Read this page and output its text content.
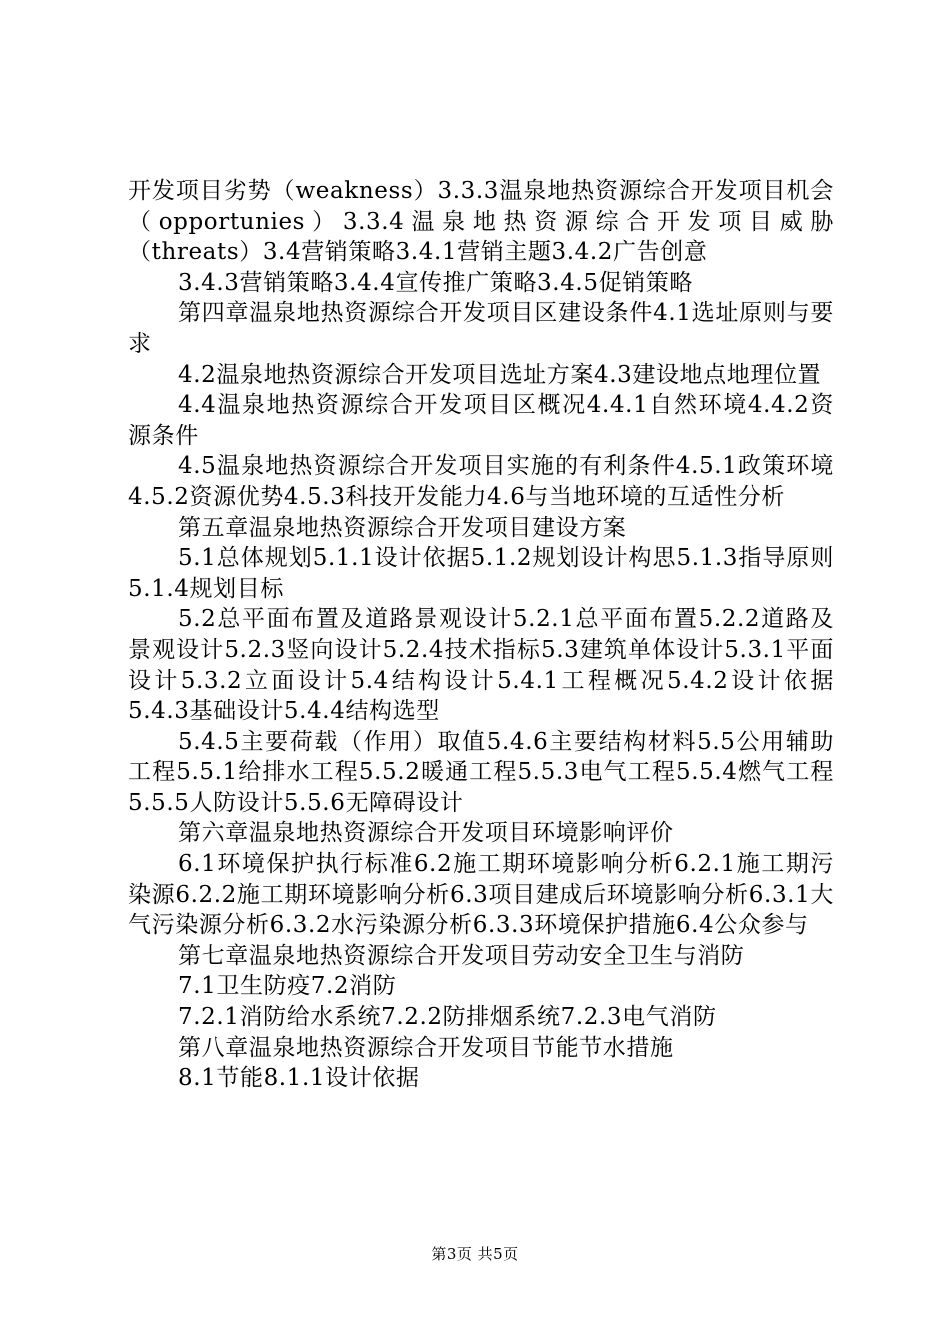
开发项目劣势（weakness）3.3.3温泉地热资源综合开发项目机会（opportunies）3.3.4温泉地热资源综合开发项目威胁（threats）3.4营销策略3.4.1营销主题3.4.2广告创意

3.4.3营销策略3.4.4宣传推广策略3.4.5促销策略

第四章温泉地热资源综合开发项目区建设条件4.1选址原则与要求

4.2温泉地热资源综合开发项目选址方案4.3建设地点地理位置

4.4温泉地热资源综合开发项目区概况4.4.1自然环境4.4.2资源条件

4.5温泉地热资源综合开发项目实施的有利条件4.5.1政策环境4.5.2资源优势4.5.3科技开发能力4.6与当地环境的互适性分析

第五章温泉地热资源综合开发项目建设方案

5.1总体规划5.1.1设计依据5.1.2规划设计构思5.1.3指导原则5.1.4规划目标

5.2总平面布置及道路景观设计5.2.1总平面布置5.2.2道路及景观设计5.2.3竖向设计5.2.4技术指标5.3建筑单体设计5.3.1平面设计5.3.2立面设计5.4结构设计5.4.1工程概况5.4.2设计依据5.4.3基础设计5.4.4结构选型

5.4.5主要荷载（作用）取值5.4.6主要结构材料5.5公用辅助工程5.5.1给排水工程5.5.2暖通工程5.5.3电气工程5.5.4燃气工程5.5.5人防设计5.5.6无障碍设计

第六章温泉地热资源综合开发项目环境影响评价

6.1环境保护执行标准6.2施工期环境影响分析6.2.1施工期污染源6.2.2施工期环境影响分析6.3项目建成后环境影响分析6.3.1大气污染源分析6.3.2水污染源分析6.3.3环境保护措施6.4公众参与

第七章温泉地热资源综合开发项目劳动安全卫生与消防

7.1卫生防疫7.2消防

7.2.1消防给水系统7.2.2防排烟系统7.2.3电气消防

第八章温泉地热资源综合开发项目节能节水措施

8.1节能8.1.1设计依据

第3页 共5页
